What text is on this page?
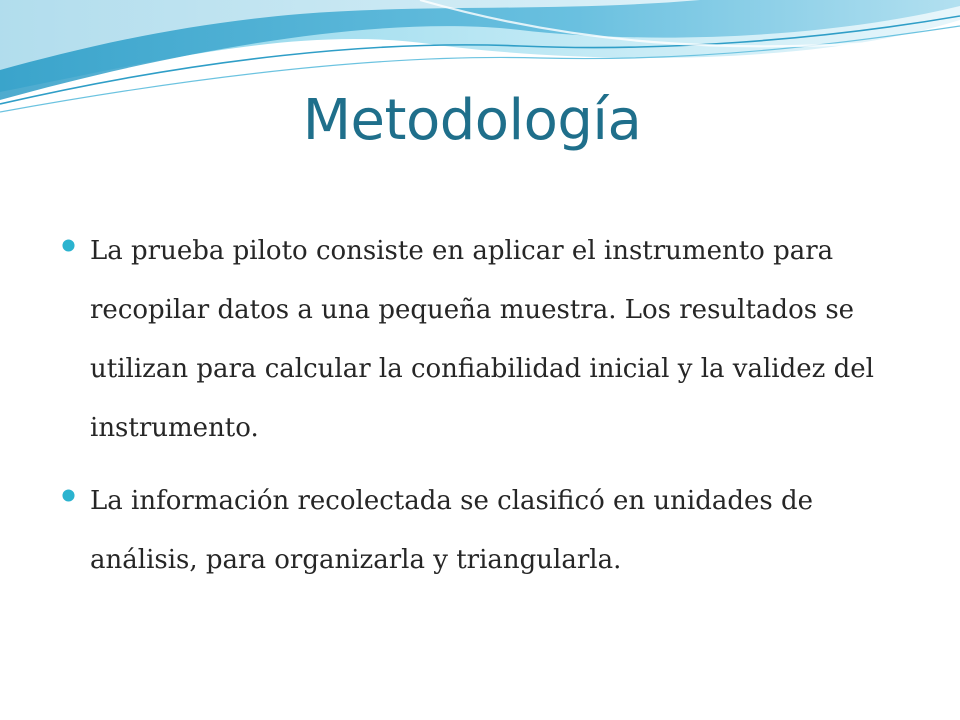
Metodología
La prueba piloto consiste en aplicar el instrumento para recopilar datos a una pequeña muestra. Los resultados se utilizan para calcular la confiabilidad inicial y la validez del instrumento.
La información recolectada se clasificó en unidades de análisis, para organizarla y triangularla.
